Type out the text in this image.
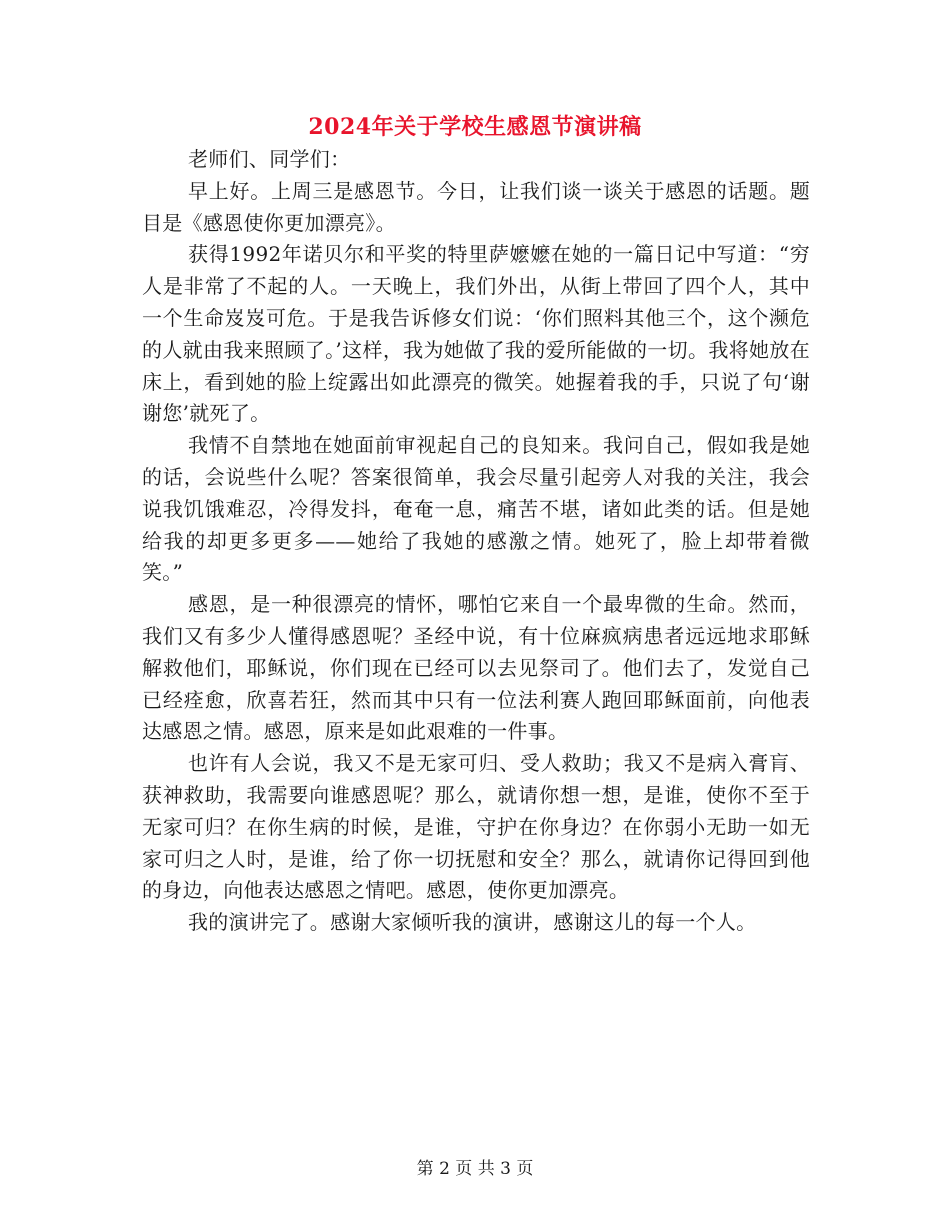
2024年关于学校生感恩节演讲稿

老师们、同学们：

早上好。上周三是感恩节。今日，让我们谈一谈关于感恩的话题。题目是《感恩使你更加漂亮》。

获得1992年诺贝尔和平奖的特里萨嬷嬷在她的一篇日记中写道：“穷人是非常了不起的人。一天晚上，我们外出，从街上带回了四个人，其中一个生命岌岌可危。于是我告诉修女们说：‘你们照料其他三个，这个濒危的人就由我来照顾了。’这样，我为她做了我的爱所能做的一切。我将她放在床上，看到她的脸上绽露出如此漂亮的微笑。她握着我的手，只说了句‘谢谢您’就死了。

我情不自禁地在她面前审视起自己的良知来。我问自己，假如我是她的话，会说些什么呢？答案很简单，我会尽量引起旁人对我的关注，我会说我饥饿难忍，冷得发抖，奄奄一息，痛苦不堪，诸如此类的话。但是她给我的却更多更多——她给了我她的感激之情。她死了，脸上却带着微笑。”

感恩，是一种很漂亮的情怀，哪怕它来自一个最卑微的生命。然而，我们又有多少人懂得感恩呢？圣经中说，有十位麻疯病患者远远地求耶稣解救他们，耶稣说，你们现在已经可以去见祭司了。他们去了，发觉自己已经痊愈，欣喜若狂，然而其中只有一位法利赛人跑回耶稣面前，向他表达感恩之情。感恩，原来是如此艰难的一件事。

也许有人会说，我又不是无家可归、受人救助；我又不是病入膏肓、获神救助，我需要向谁感恩呢？那么，就请你想一想，是谁，使你不至于无家可归？在你生病的时候，是谁，守护在你身边？在你弱小无助一如无家可归之人时，是谁，给了你一切抚慰和安全？那么，就请你记得回到他的身边，向他表达感恩之情吧。感恩，使你更加漂亮。

我的演讲完了。感谢大家倾听我的演讲，感谢这儿的每一个人。

第 2 页 共 3 页
